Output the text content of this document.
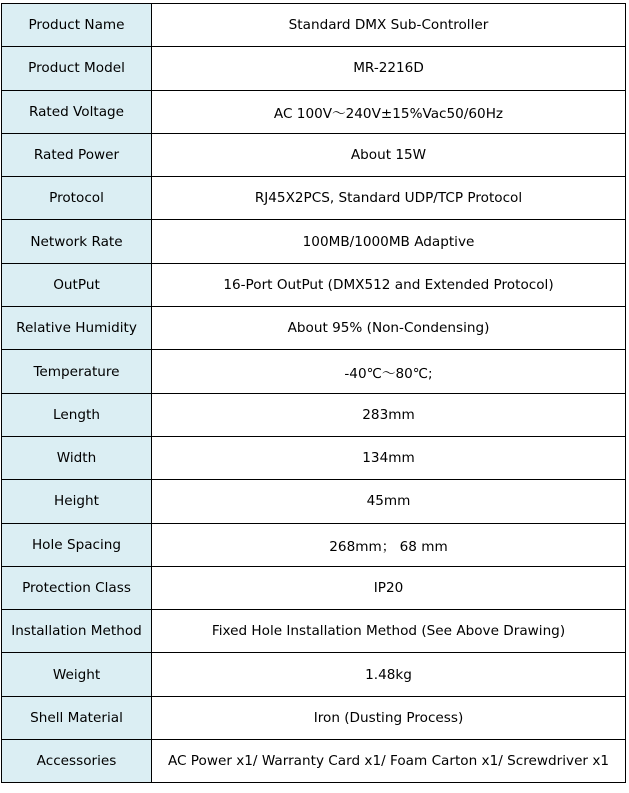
Product Name	Standard DMX Sub-Controller
Product Model	MR-2216D
Rated Voltage	AC 100V～240V±15%Vac50/60Hz
Rated Power	About 15W
Protocol	RJ45X2PCS, Standard UDP/TCP Protocol
Network Rate	100MB/1000MB Adaptive
OutPut	16-Port OutPut (DMX512 and Extended Protocol)
Relative Humidity	About 95% (Non-Condensing)
Temperature	-40℃～80℃;
Length	283mm
Width	134mm
Height	45mm
Hole Spacing	268mm； 68 mm
Protection Class	IP20
Installation Method	Fixed Hole Installation Method (See Above Drawing)
Weight	1.48kg
Shell Material	Iron (Dusting Process)
Accessories	AC Power x1/ Warranty Card x1/ Foam Carton x1/ Screwdriver x1
